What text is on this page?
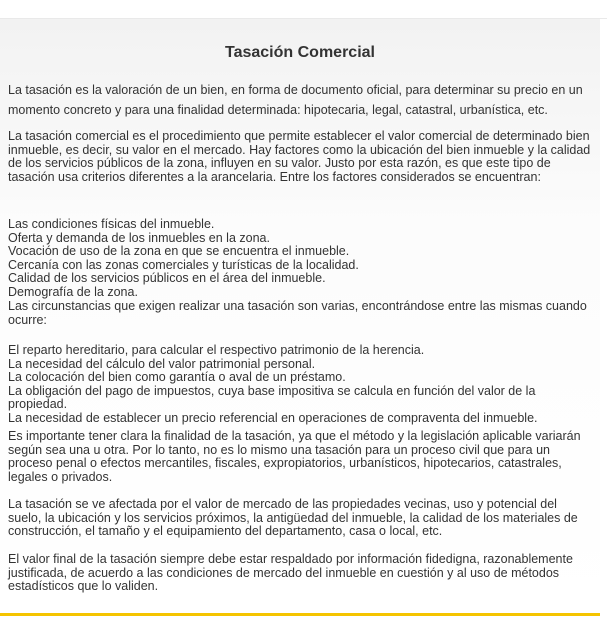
Tasación Comercial
La tasación es la valoración de un bien, en forma de documento oficial, para determinar su precio en un momento concreto y para una finalidad determinada: hipotecaria, legal, catastral, urbanística, etc.
La tasación comercial es el procedimiento que permite establecer el valor comercial de determinado bien inmueble, es decir, su valor en el mercado. Hay factores como la ubicación del bien inmueble y la calidad de los servicios públicos de la zona, influyen en su valor. Justo por esta razón, es que este tipo de tasación usa criterios diferentes a la arancelaria. Entre los factores considerados se encuentran:
Las condiciones físicas del inmueble.
Oferta y demanda de los inmuebles en la zona.
Vocación de uso de la zona en que se encuentra el inmueble.
Cercanía con las zonas comerciales y turísticas de la localidad.
Calidad de los servicios públicos en el área del inmueble.
Demografía de la zona.
Las circunstancias que exigen realizar una tasación son varias, encontrándose entre las mismas cuando ocurre:
El reparto hereditario, para calcular el respectivo patrimonio de la herencia.
La necesidad del cálculo del valor patrimonial personal.
La colocación del bien como garantía o aval de un préstamo.
La obligación del pago de impuestos, cuya base impositiva se calcula en función del valor de la propiedad.
La necesidad de establecer un precio referencial en operaciones de compraventa del inmueble.
Es importante tener clara la finalidad de la tasación, ya que el método y la legislación aplicable variarán según sea una u otra. Por lo tanto, no es lo mismo una tasación para un proceso civil que para un proceso penal o efectos mercantiles, fiscales, expropiatorios, urbanísticos, hipotecarios, catastrales, legales o privados.
La tasación se ve afectada por el valor de mercado de las propiedades vecinas, uso y potencial del suelo, la ubicación y los servicios próximos, la antigüedad del inmueble, la calidad de los materiales de construcción, el tamaño y el equipamiento del departamento, casa o local, etc.
El valor final de la tasación siempre debe estar respaldado por información fidedigna, razonablemente justificada, de acuerdo a las condiciones de mercado del inmueble en cuestión y al uso de métodos estadísticos que lo validen.
